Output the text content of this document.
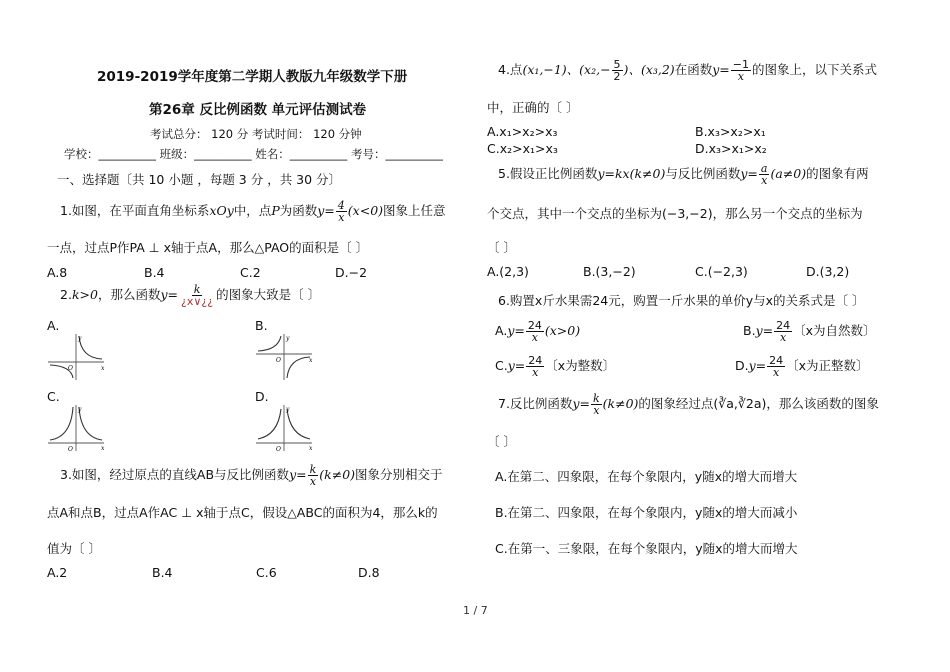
2019-2019学年度第二学期人教版九年级数学下册
第26章 反比例函数 单元评估测试卷
考试总分： 120 分 考试时间： 120 分钟
学校：__________ 班级：__________ 姓名：__________ 考号：__________
一、选择题〔共 10 小题 ，每题 3 分 ，共 30 分〕
1.如图，在平面直角坐标系xOy中，点P为函数$y= \frac{4}{x} (x<0)$图象上任意
一点，过点P作PA ⊥ x轴于点A，那么△PAO的面积是〔 〕
A.8	B.4	C.2	D.−2
2.k>0，那么函数$y= \frac{k}{¿x\vee¿¿}$ 的图象大致是〔 〕
A.	B.
C.	D.
x
y
O
x
y
O
x
y
O	x
y
O
3.如图，经过原点的直线AB与反比例函数$y= \frac{k}{x} (k\ne 0)$图象分别相交于
点A和点B，过点A作AC ⊥ x轴于点C，假设△ABC的面积为4，那么k的
值为〔 〕
A.2	B.4	C.6	D.8
4.点(x₁,−1)、($x_2,- \frac{5}{2}$ )、(x₃,2)在函数$y= \frac{-1}{x}$ 的图象上，以下关系式
中，正确的〔 〕
A.x₁>x₂>x₃	B.x₃>x₂>x₁
C.x₂>x₁>x₃	D.x₃>x₁>x₂
5.假设正比例函数y=kx(k≠0)与反比例函数$y= \frac{a}{x} (a\ne 0)$的图象有两
个交点，其中一个交点的坐标为(−3,−2)，那么另一个交点的坐标为
〔 〕
A.(2,3)	B.(3,−2)	C.(−2,3)	D.(3,2)
6.购置x斤水果需24元，购置一斤水果的单价y与x的关系式是〔 〕
$A.y= \frac{24}{x} (x>0)$	$B.y= \frac{24}{x}$ 〔x为自然数〕
$C.y= \frac{24}{x}$ 〔x为整数〕	$D.y= \frac{24}{x}$ 〔x为正整数〕
7.反比例函数$y= \frac{k}{x} (k\ne 0)$的图象经过点(∛a,∛2a)，那么该函数的图象
〔 〕
A.在第二、四象限，在每个象限内，y随x的增大而增大
B.在第二、四象限，在每个象限内，y随x的增大而减小
C.在第一、三象限，在每个象限内，y随x的增大而增大
1 / 7
